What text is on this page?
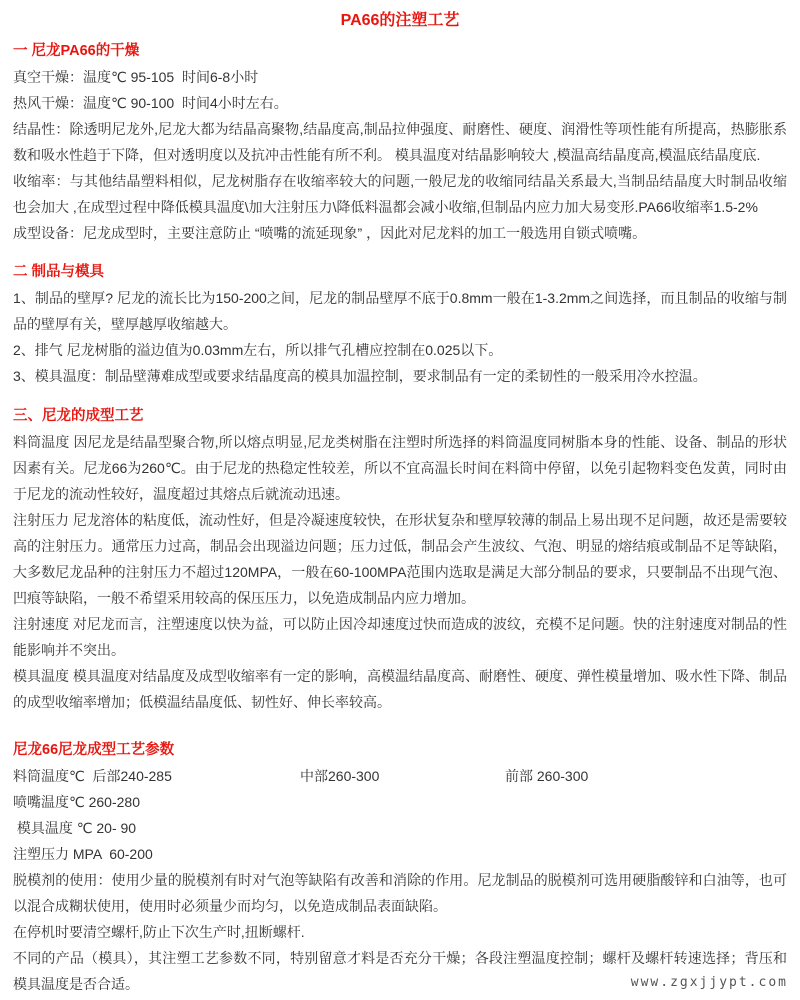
PA66的注塑工艺
一 尼龙PA66的干燥

真空干燥：温度℃ 95-105  时间6-8小时

热风干燥：温度℃ 90-100  时间4小时左右。

结晶性：除透明尼龙外,尼龙大都为结晶高聚物,结晶度高,制品拉伸强度、耐磨性、硬度、润滑性等项性能有所提高，热膨胀系数和吸水性趋于下降，但对透明度以及抗冲击性能有所不利。 模具温度对结晶影响较大 ,模温高结晶度高,模温底结晶度底.

收缩率：与其他结晶塑料相似，尼龙树脂存在收缩率较大的问题,一般尼龙的收缩同结晶关系最大,当制品结晶度大时制品收缩也会加大 ,在成型过程中降低模具温度\加大注射压力\降低料温都会减小收缩,但制品内应力加大易变形.PA66收缩率1.5-2%

成型设备：尼龙成型时，主要注意防止 “喷嘴的流延现象” ，因此对尼龙料的加工一般选用自锁式喷嘴。

二 制品与模具

1、制品的壁厚? 尼龙的流长比为150-200之间，尼龙的制品壁厚不底于0.8mm一般在1-3.2mm之间选择，而且制品的收缩与制品的壁厚有关，壁厚越厚收缩越大。

2、排气 尼龙树脂的溢边值为0.03mm左右，所以排气孔槽应控制在0.025以下。

3、模具温度：制品壁薄难成型或要求结晶度高的模具加温控制，要求制品有一定的柔韧性的一般采用冷水控温。

三、尼龙的成型工艺

料筒温度 因尼龙是结晶型聚合物,所以熔点明显,尼龙类树脂在注塑时所选择的料筒温度同树脂本身的性能、设备、制品的形状因素有关。尼龙66为260℃。由于尼龙的热稳定性较差，所以不宜高温长时间在料筒中停留，以免引起物料变色发黄，同时由于尼龙的流动性较好，温度超过其熔点后就流动迅速。

注射压力 尼龙溶体的粘度低，流动性好，但是冷凝速度较快，在形状复杂和壁厚较薄的制品上易出现不足问题，故还是需要较高的注射压力。通常压力过高，制品会出现溢边问题；压力过低，制品会产生波纹、气泡、明显的熔结痕或制品不足等缺陷，大多数尼龙品种的注射压力不超过120MPA，一般在60-100MPA范围内选取是满足大部分制品的要求，只要制品不出现气泡、凹痕等缺陷，一般不希望采用较高的保压压力，以免造成制品内应力增加。

注射速度 对尼龙而言，注塑速度以快为益，可以防止因冷却速度过快而造成的波纹，充模不足问题。快的注射速度对制品的性能影响并不突出。

模具温度 模具温度对结晶度及成型收缩率有一定的影响，高模温结晶度高、耐磨性、硬度、弹性模量增加、吸水性下降、制品的成型收缩率增加；低模温结晶度低、韧性好、伸长率较高。

尼龙66尼龙成型工艺参数
料筒温度℃  后部240-285	中部260-300	前部 260-300
喷嘴温度℃ 260-280
模具温度 ℃ 20- 90
注塑压力 MPA  60-200

脱模剂的使用：使用少量的脱模剂有时对气泡等缺陷有改善和消除的作用。尼龙制品的脱模剂可选用硬脂酸锌和白油等，也可以混合成糊状使用，使用时必须量少而均匀，以免造成制品表面缺陷。

在停机时要清空螺杆,防止下次生产时,扭断螺杆.

不同的产品（模具），其注塑工艺参数不同，特别留意才料是否充分干燥；各段注塑温度控制；螺杆及螺杆转速选择；背压和模具温度是否合适。	www.zgxjjypt.com
